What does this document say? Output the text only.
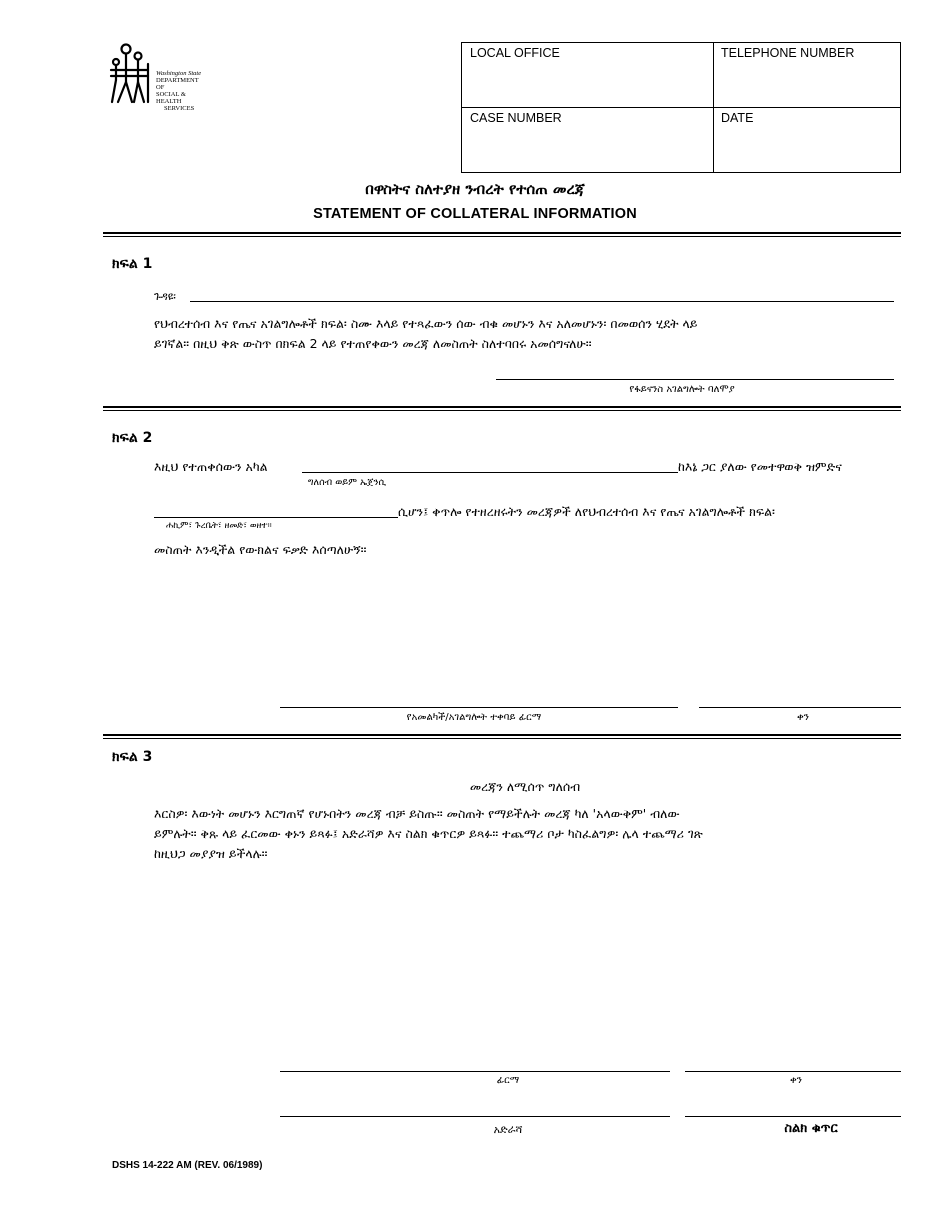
Washington State
DEPARTMENT OF
SOCIAL & HEALTH
SERVICES
LOCAL OFFICE	TELEPHONE NUMBER
CASE NUMBER	DATE
በዋስትና ስለተያዘ ንብረት የተሰጠ መረጃ
STATEMENT OF COLLATERAL INFORMATION
ክፍል 1
ጉዳዩ፡
የህብረተሰብ እና የጤና አገልግሎቶች ክፍል፡ ስሙ እላይ የተጻፈውን ሰው ብቁ መሆኑን እና አለመሆኑን፡ በመወሰን ሂደት ላይ
ይገኛል። በዚህ ቅጽ ውስጥ በክፍል 2 ላይ የተጠየቀውን መረጃ ለመስጠት ስለተባበሩ አመሰግናለሁ።
የፋይናንስ አገልግሎት ባለሞያ
ክፍል 2
እዚህ የተጠቀሰውን አካል	ከእኔ ጋር ያለው የመተዋወቅ ዝምድና
ግለሰብ ወይም ኤጀንሲ
ሲሆን፤ ቀጥሎ የተዘረዘሩትን መረጃዎች ለየህብረተሰብ እና የጤና አገልግሎቶች ክፍል፡
ሐኪም፣ ጉረቤት፣ ዘመድ፣ ወዘተ።
መስጠት እንዲችል የውክልና ፍቃድ እሰጣለሁኝ።
የአመልካች/አገልግሎት ተቀባይ ፊርማ	ቀን
ክፍል 3
መረጃን ለሚሰጥ ግለሰብ
እርስዎ፡ እውነት መሆኑን እርግጠኛ የሆኑበትን መረጃ ብቻ ይስጡ። መስጠት የማይችሉት መረጃ ካለ 'አላውቅም' ብለው
ይምሉት። ቅጹ ላይ ፈርመው ቀኑን ይጻፉ፤ አድራሻዎ እና ስልክ ቁጥርዎ ይጻፉ። ተጨማሪ ቦታ ካስፈልግዎ፡ ሌላ ተጨማሪ ገጽ
ከዚህጋ መያያዝ ይችላሉ።
ፊርማ	ቀን
አድራሻ	ስልክ ቁጥር
DSHS 14-222 AM (REV. 06/1989)
